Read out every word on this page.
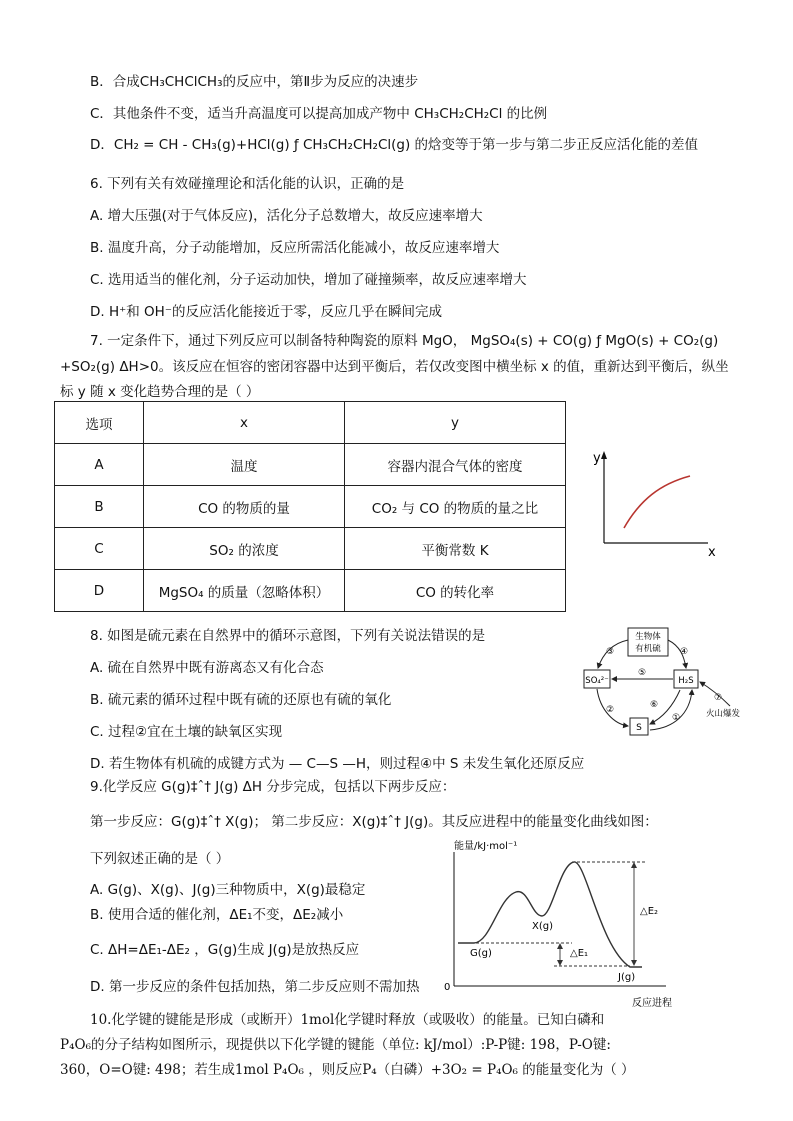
B．合成CH₃CHClCH₃的反应中，第Ⅱ步为反应的决速步
C．其他条件不变，适当升高温度可以提高加成产物中 CH₃CH₂CH₂Cl 的比例
D．CH₂ = CH - CH₃(g)+HCl(g) ƒ CH₃CH₂CH₂Cl(g) 的焓变等于第一步与第二步正反应活化能的差值
6. 下列有关有效碰撞理论和活化能的认识，正确的是
A. 增大压强(对于气体反应)，活化分子总数增大，故反应速率增大
B. 温度升高，分子动能增加，反应所需活化能减小，故反应速率增大
C. 选用适当的催化剂，分子运动加快，增加了碰撞频率，故反应速率增大
D. H⁺和 OH⁻的反应活化能接近于零，反应几乎在瞬间完成
7. 一定条件下，通过下列反应可以制备特种陶瓷的原料 MgO， MgSO₄(s) + CO(g) ƒ MgO(s) + CO₂(g)
+SO₂(g) ΔH>0。该反应在恒容的密闭容器中达到平衡后，若仅改变图中横坐标 x 的值，重新达到平衡后，纵坐
标 y 随 x 变化趋势合理的是（ ）
选项	x	y
A	温度	容器内混合气体的密度
B	CO 的物质的量	CO₂ 与 CO 的物质的量之比
C	SO₂ 的浓度	平衡常数 K
D	MgSO₄ 的质量（忽略体积）	CO 的转化率
y
x
8. 如图是硫元素在自然界中的循环示意图，下列有关说法错误的是
A. 硫在自然界中既有游离态又有化合态
B. 硫元素的循环过程中既有硫的还原也有硫的氧化
C. 过程②宜在土壤的缺氧区实现
D. 若生物体有机硫的成键方式为 — C—S —H，则过程④中 S 未发生氧化还原反应
生物体
有机硫
SO₄²⁻	H₂S
S
③	④
⑤
②	⑥
①
⑦
火山爆发
9.化学反应 G(g)‡ˆ† J(g) ΔH 分步完成，包括以下两步反应：
第一步反应：G(g)‡ˆ† X(g)； 第二步反应：X(g)‡ˆ† J(g)。其反应进程中的能量变化曲线如图：
下列叙述正确的是（ ）
A. G(g)、X(g)、J(g)三种物质中，X(g)最稳定
B. 使用合适的催化剂，ΔE₁不变，ΔE₂减小
C. ΔH=ΔE₁-ΔE₂ ，G(g)生成 J(g)是放热反应
D. 第一步反应的条件包括加热，第二步反应则不需加热
能量/kJ·mol⁻¹
0
反应进程
G(g)
X(g)
J(g)
△E₁
△E₂
10.化学键的键能是形成（或断开）1mol化学键时释放（或吸收）的能量。已知白磷和
P₄O₆的分子结构如图所示，现提供以下化学键的键能（单位: kJ/mol）:P-P键: 198，P-O键:
360，O=O键: 498；若生成1mol P₄O₆ ，则反应P₄（白磷）+3O₂ = P₄O₆ 的能量变化为（ ）
